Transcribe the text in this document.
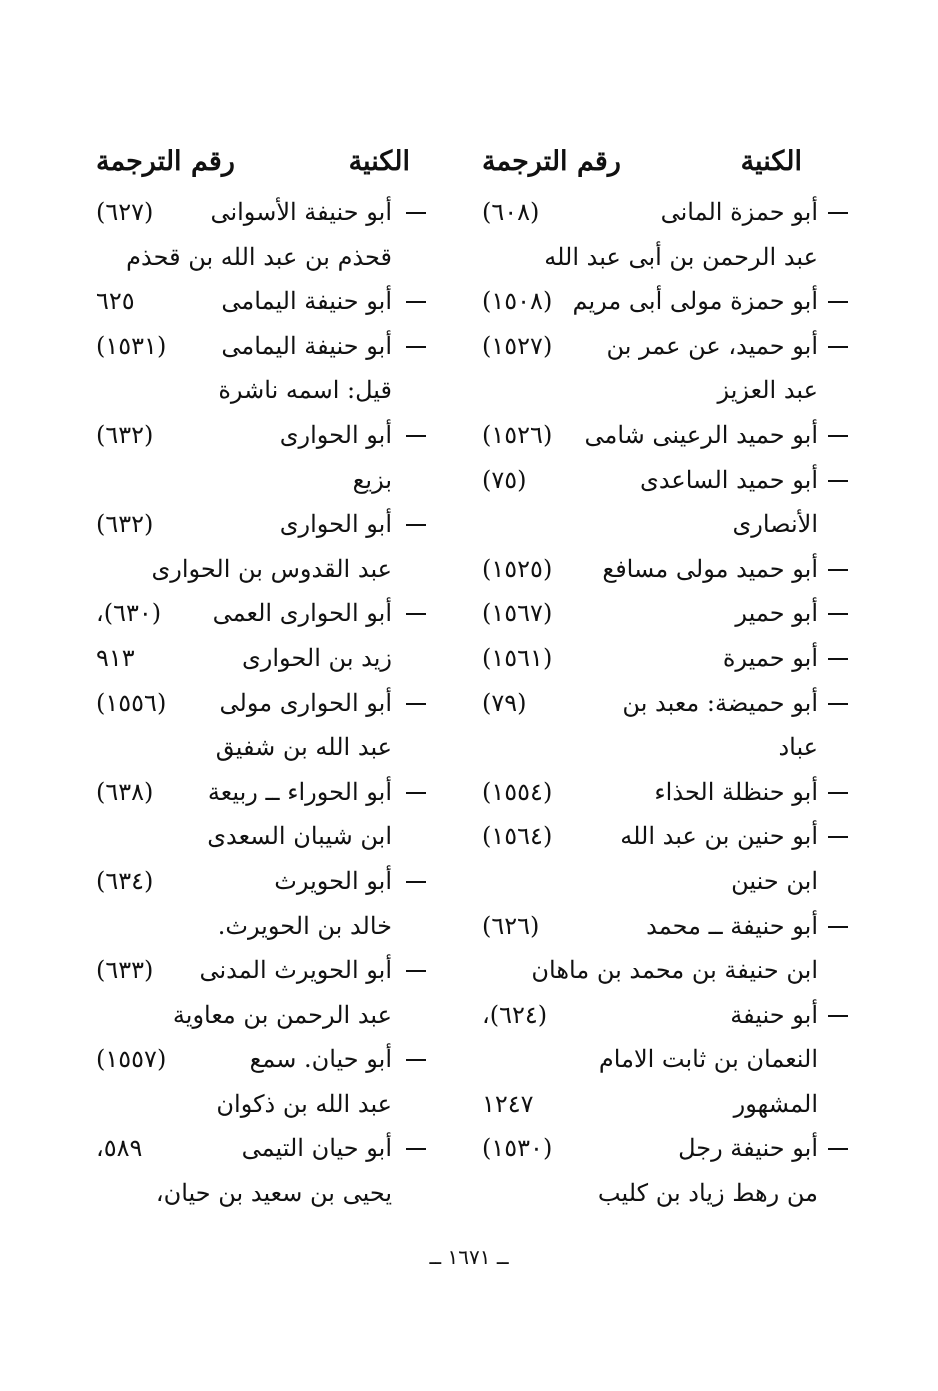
الكنية
رقم الترجمة
أبو حمزة المانى
(٦٠٨)
عبد الرحمن بن أبى عبد الله
أبو حمزة مولى أبى مريم
(١٥٠٨)
أبو حميد، عن عمر بن
(١٥٢٧)
عبد العزيز
أبو حميد الرعينى شامى
(١٥٢٦)
أبو حميد الساعدى
(٧٥)
الأنصارى
أبو حميد مولى مسافع
(١٥٢٥)
أبو حمير
(١٥٦٧)
أبو حميرة
(١٥٦١)
أبو حميضة: معبد بن
(٧٩)
عباد
أبو حنظلة الحذاء
(١٥٥٤)
أبو حنين بن عبد الله
(١٥٦٤)
ابن حنين
أبو حنيفة ــ محمد
(٦٢٦)
ابن حنيفة بن محمد بن ماهان
أبو حنيفة
(٦٢٤)،
النعمان بن ثابت الامام
المشهور
١٢٤٧
أبو حنيفة رجل
(١٥٣٠)
من رهط زياد بن كليب
الكنية
رقم الترجمة
أبو حنيفة الأسوانى
(٦٢٧)
قحذم بن عبد الله بن قحذم
أبو حنيفة اليمامى
٦٢٥
أبو حنيفة اليمامى
(١٥٣١)
قيل: اسمه ناشرة
أبو الحوارى
(٦٣٢)
بزيع
أبو الحوارى
(٦٣٢)
عبد القدوس بن الحوارى
أبو الحوارى العمى
(٦٣٠)،
زيد بن الحوارى
٩١٣
أبو الحوارى مولى
(١٥٥٦)
عبد الله بن شفيق
أبو الحوراء ــ ربيعة
(٦٣٨)
ابن شيبان السعدى
أبو الحويرث
(٦٣٤)
خالد بن الحويرث.
أبو الحويرث المدنى
(٦٣٣)
عبد الرحمن بن معاوية
أبو حيان. سمع
(١٥٥٧)
عبد الله بن ذكوان
أبو حيان التيمى
٥٨٩،
يحيى بن سعيد بن حيان،
ــ ١٦٧١ ــ
